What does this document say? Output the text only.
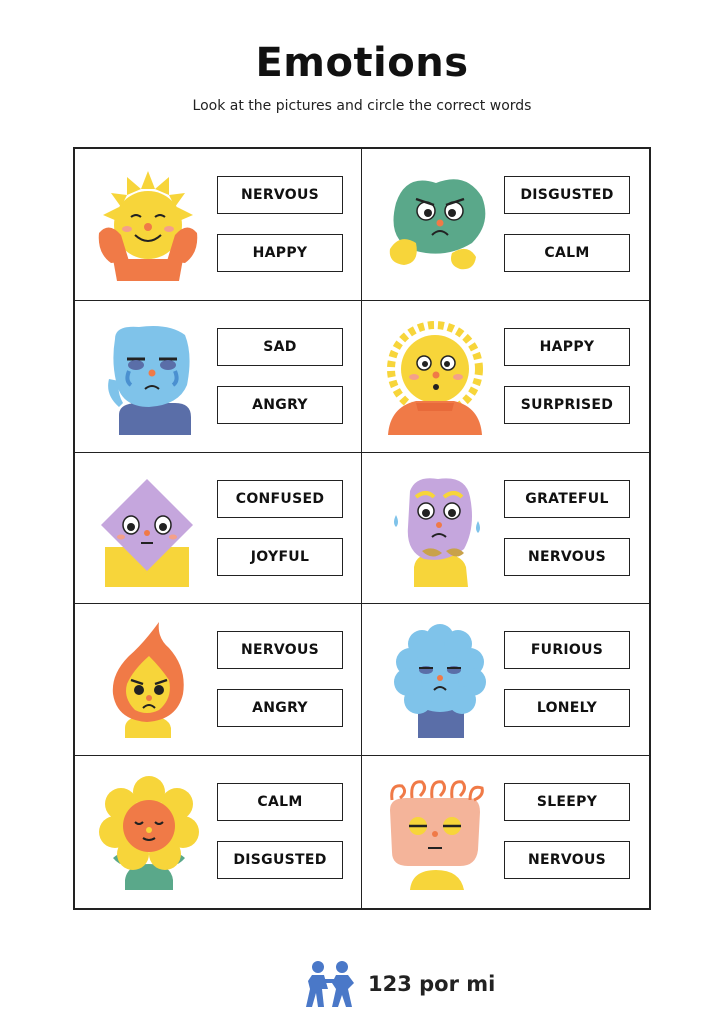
Emotions
Look at the pictures and circle the correct words
NERVOUS
HAPPY
DISGUSTED
CALM
SAD
ANGRY
HAPPY
SURPRISED
CONFUSED
JOYFUL
GRATEFUL
NERVOUS
NERVOUS
ANGRY
FURIOUS
LONELY
CALM
DISGUSTED
SLEEPY
NERVOUS
123 por mi
